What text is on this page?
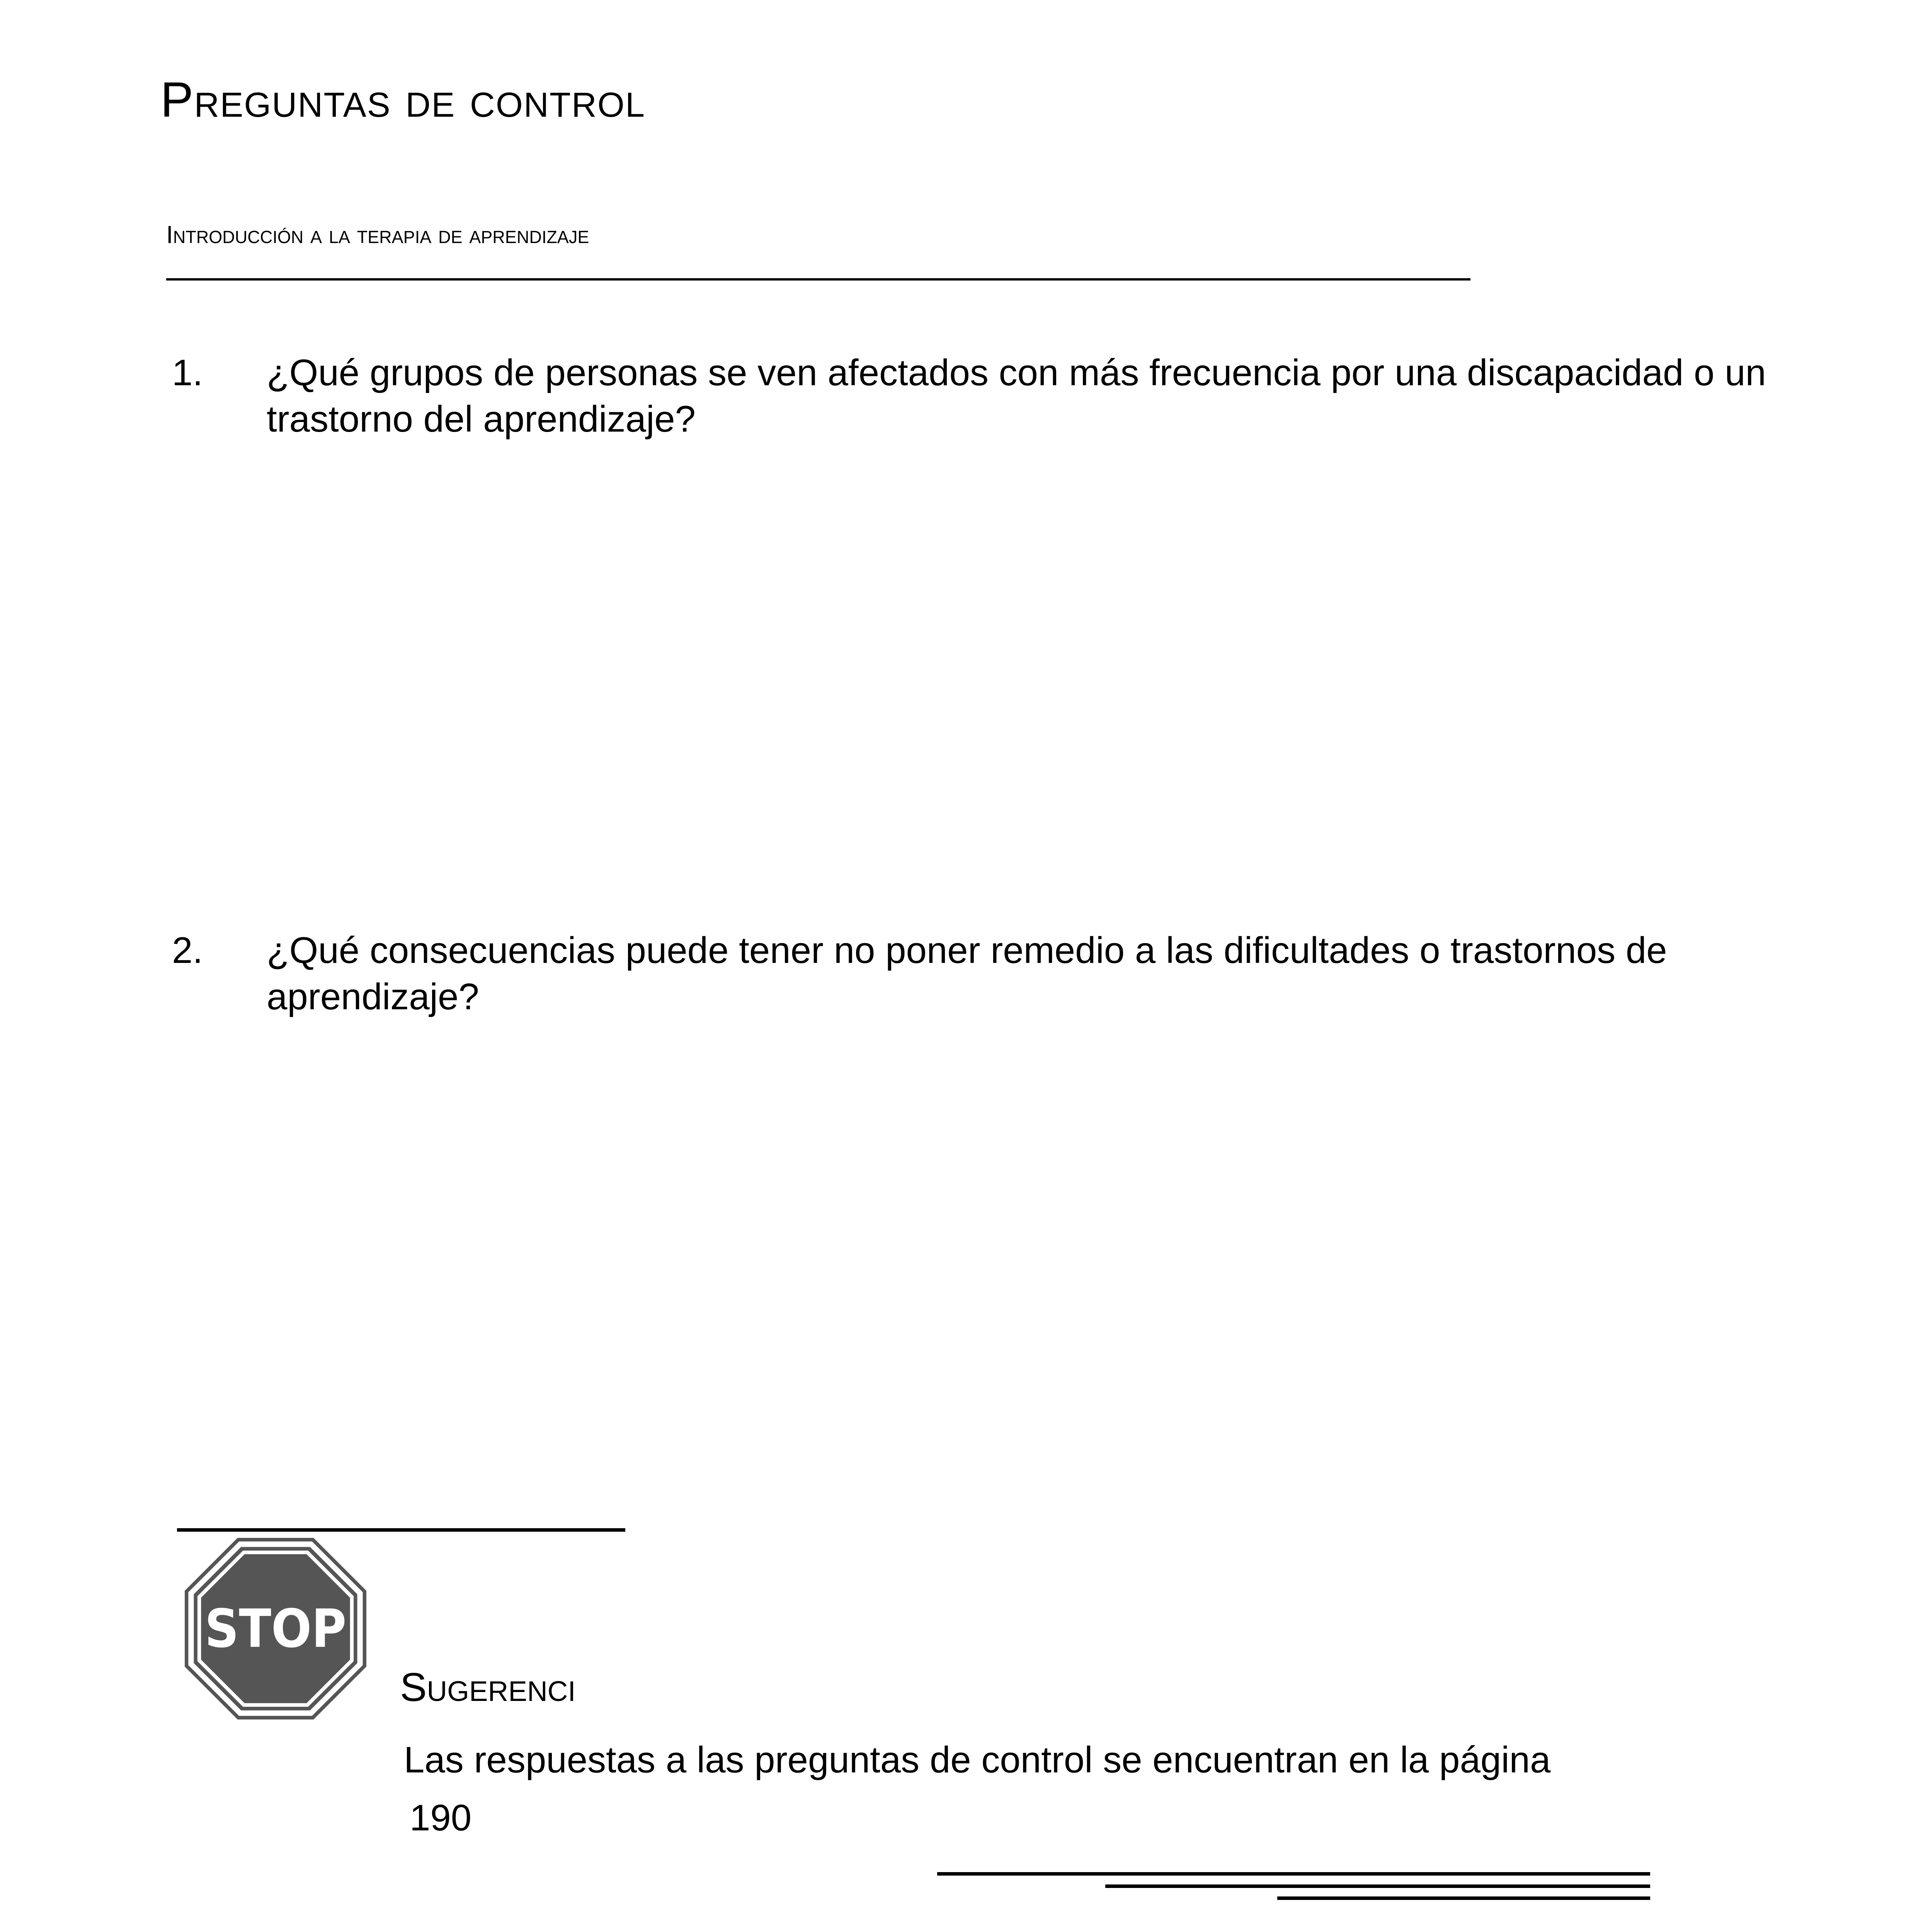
Preguntas de control
Introducción a la terapia de aprendizaje
1. ¿Qué grupos de personas se ven afectados con más frecuencia por una discapacidad o un trastorno del aprendizaje?
2. ¿Qué consecuencias puede tener no poner remedio a las dificultades o trastornos de aprendizaje?
STOP
Sugerenci
Las respuestas a las preguntas de control se encuentran en la página
190
